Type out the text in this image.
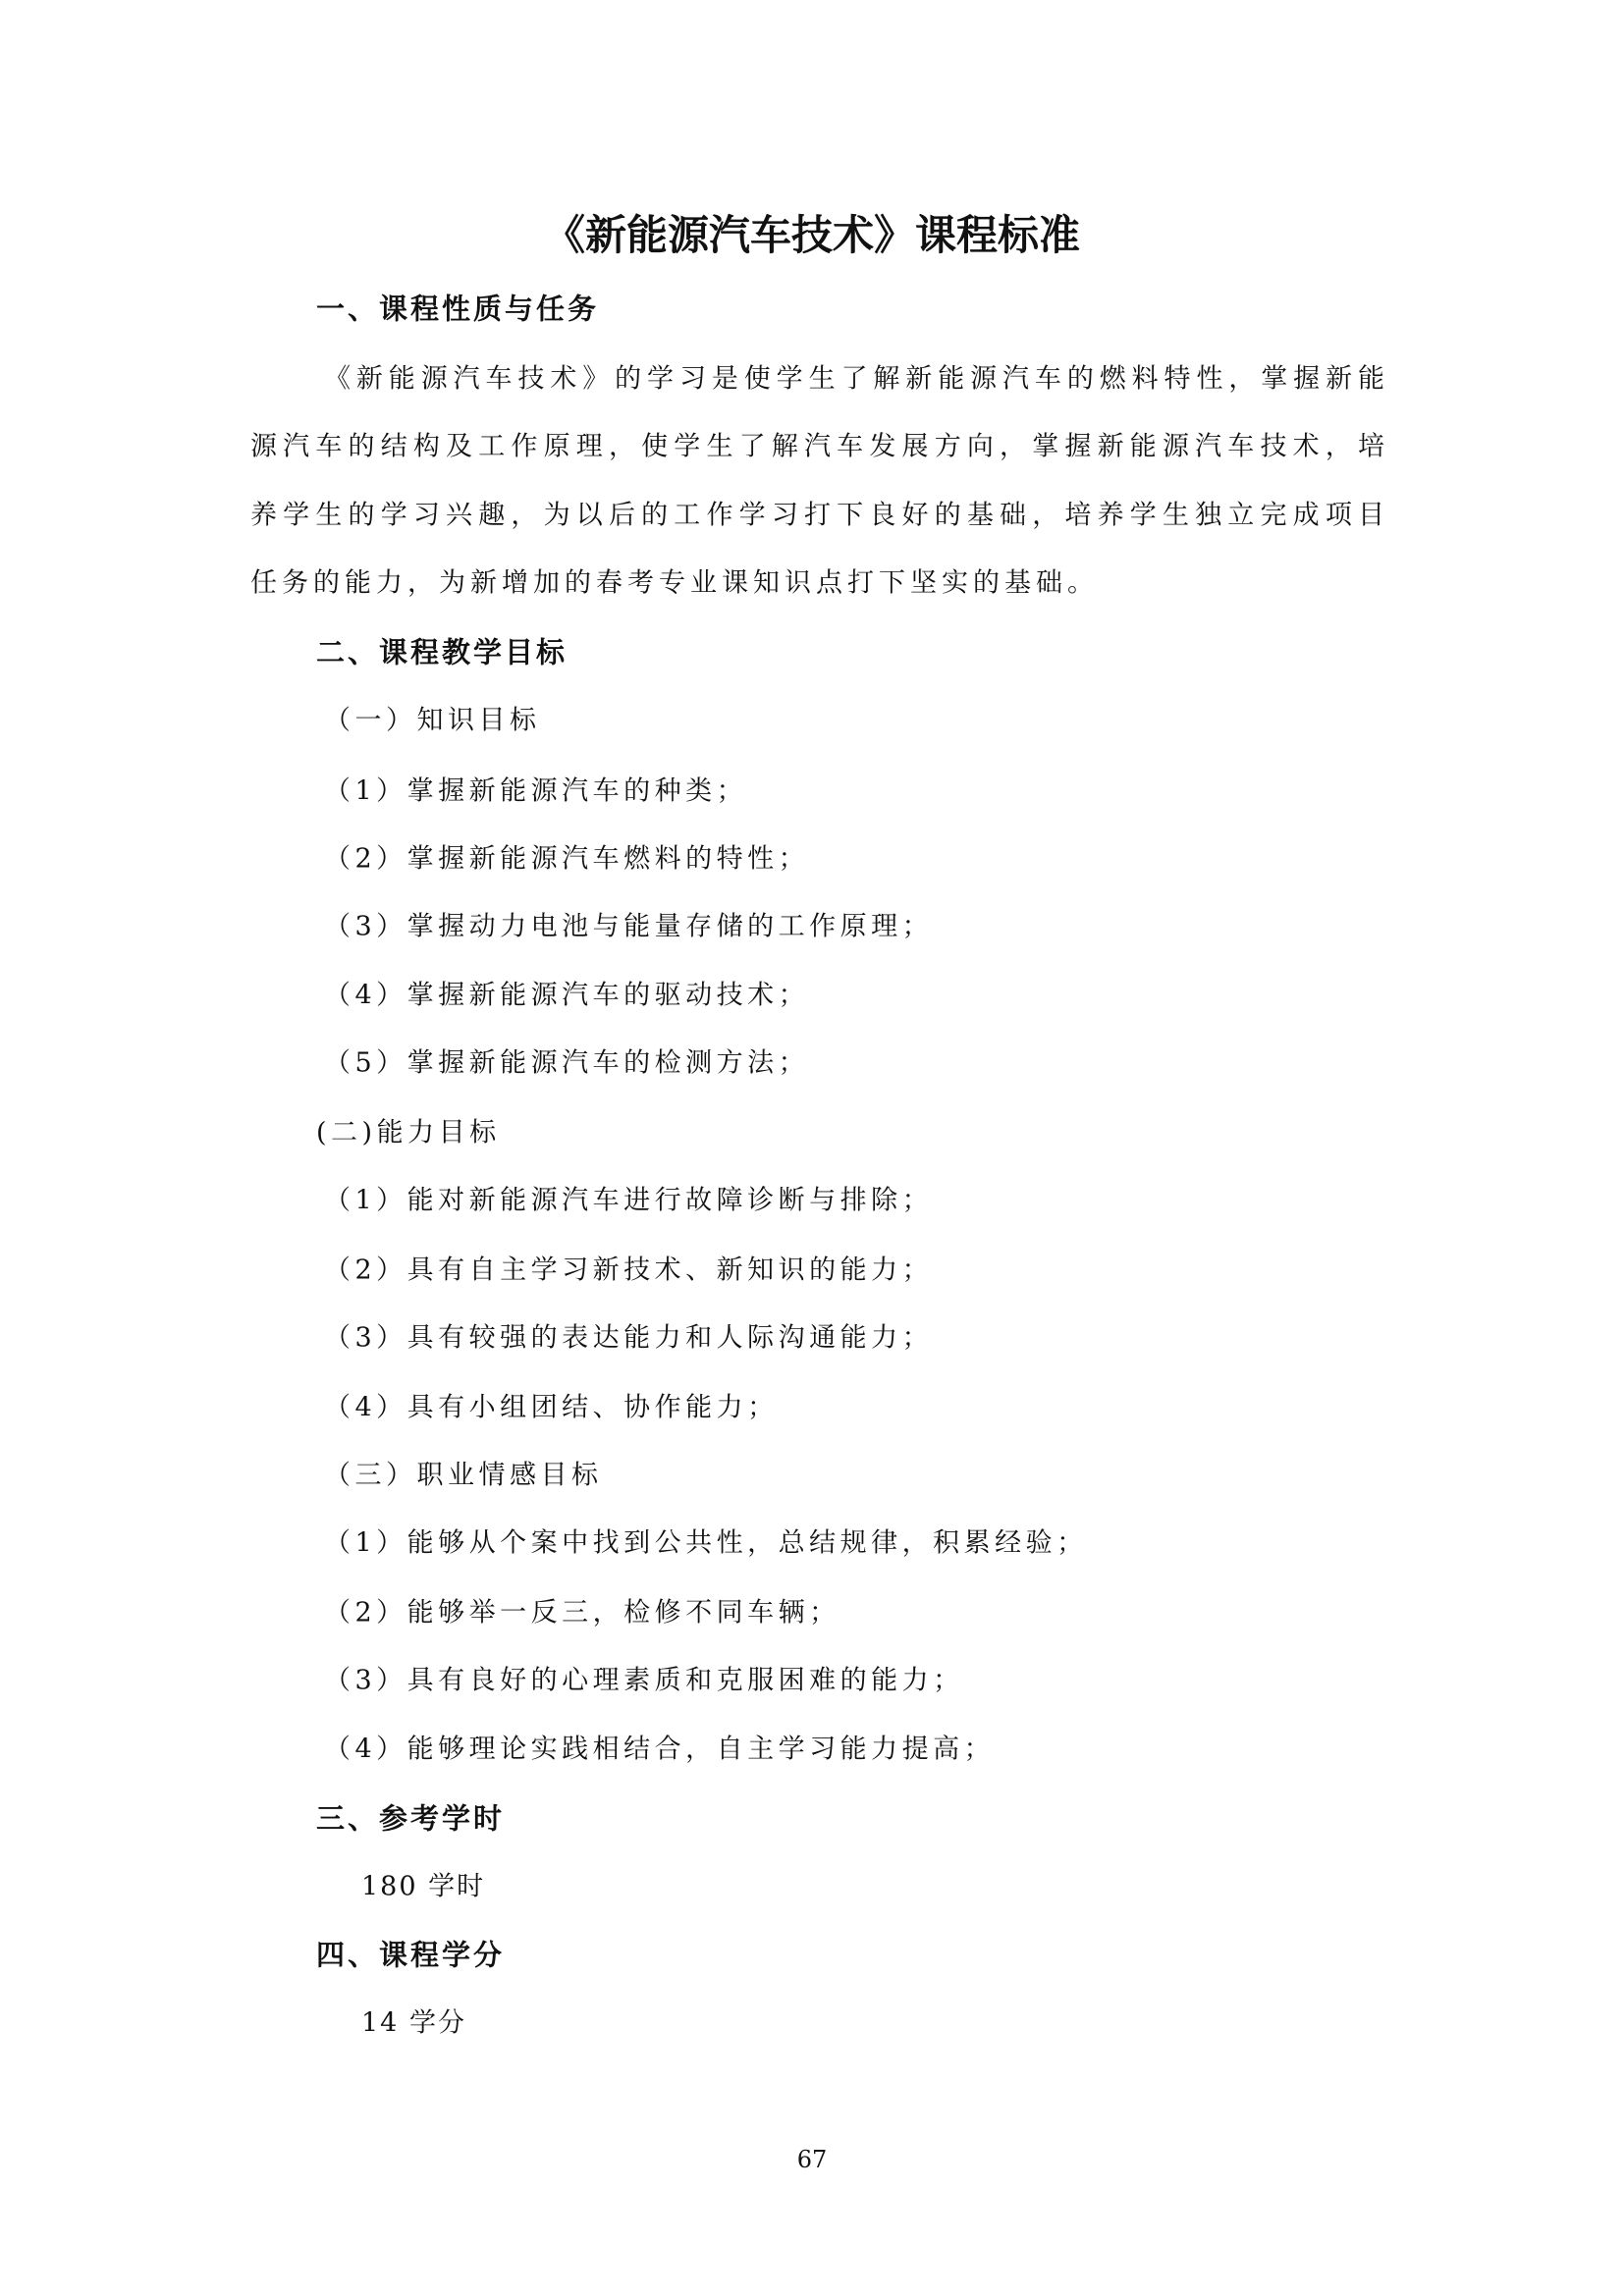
《新能源汽车技术》课程标准
一、课程性质与任务
《新能源汽车技术》的学习是使学生了解新能源汽车的燃料特性，掌握新能
源汽车的结构及工作原理，使学生了解汽车发展方向，掌握新能源汽车技术，培
养学生的学习兴趣，为以后的工作学习打下良好的基础，培养学生独立完成项目
任务的能力，为新增加的春考专业课知识点打下坚实的基础。
二、课程教学目标
（一）知识目标
（1）掌握新能源汽车的种类；
（2）掌握新能源汽车燃料的特性；
（3）掌握动力电池与能量存储的工作原理；
（4）掌握新能源汽车的驱动技术；
（5）掌握新能源汽车的检测方法；
(二)能力目标
（1）能对新能源汽车进行故障诊断与排除；
（2）具有自主学习新技术、新知识的能力；
（3）具有较强的表达能力和人际沟通能力；
（4）具有小组团结、协作能力；
（三）职业情感目标
（1）能够从个案中找到公共性，总结规律，积累经验；
（2）能够举一反三，检修不同车辆；
（3）具有良好的心理素质和克服困难的能力；
（4）能够理论实践相结合，自主学习能力提高；
三、参考学时
180 学时
四、课程学分
14 学分
67
